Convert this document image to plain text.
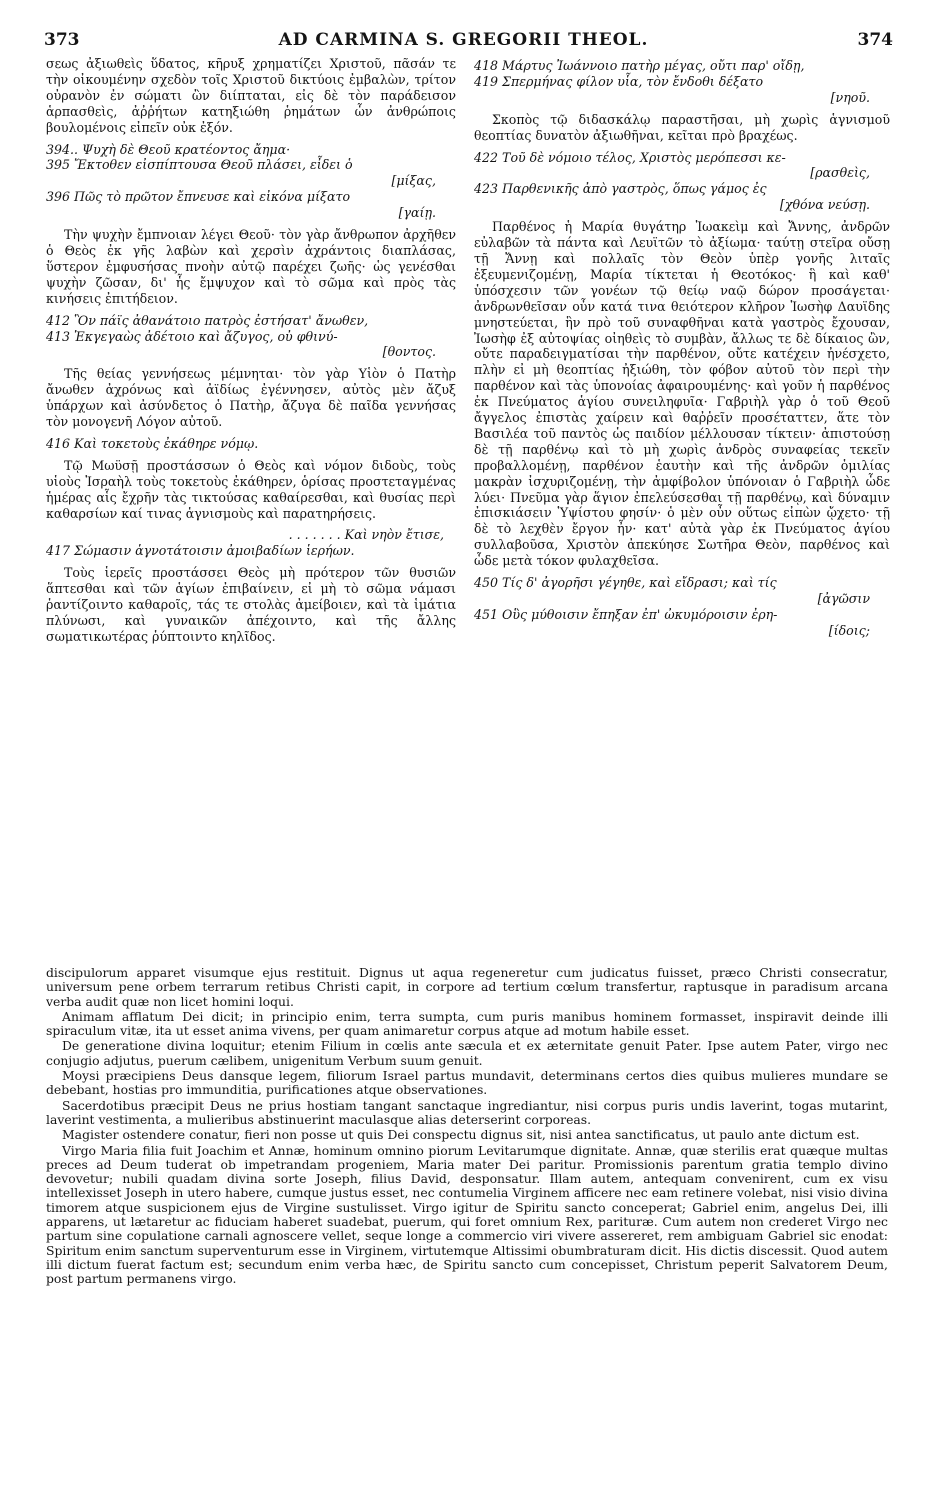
373	AD CARMINA S. GREGORII THEOL.	374

σεως ἀξιωθεὶς ὕδατος, κῆρυξ χρηματίζει Χριστοῦ, πᾶσάν τε τὴν οἰκουμένην σχεδὸν τοῖς Χριστοῦ δικτύοις ἐμβαλὼν, τρίτον οὐρανὸν ἐν σώματι ὢν διίπταται, εἰς δὲ τὸν παράδεισον ἁρπασθεὶς, ἀῤῥήτων κατηξιώθη ῥημάτων ὧν ἀνθρώποις βουλομένοις εἰπεῖν οὐκ ἐξόν.

394.. Ψυχὴ δὲ Θεοῦ κρατέοντος ἄημα·
395 Ἔκτοθεν εἰσπίπτουσα Θεοῦ πλάσει, εἶδει ὁ
[μίξας,
396 Πῶς τὸ πρῶτον ἔπνευσε καὶ εἰκόνα μίξατο
[γαίῃ.

Τὴν ψυχὴν ἔμπνοιαν λέγει Θεοῦ· τὸν γὰρ ἄνθρωπον ἀρχῆθεν ὁ Θεὸς ἐκ γῆς λαβὼν καὶ χερσὶν ἀχράντοις διαπλάσας, ὕστερον ἐμφυσήσας πνοὴν αὐτῷ παρέχει ζωῆς· ὡς γενέσθαι ψυχὴν ζῶσαν, δι' ἧς ἔμψυχον καὶ τὸ σῶμα καὶ πρὸς τὰς κινήσεις ἐπιτήδειον.

412 Ὃν πάϊς ἀθανάτοιο πατρὸς ἐστήσατ' ἄνωθεν,
413 Ἐκγεγαὼς ἀδέτοιο καὶ ἄζυγος, οὐ φθινύ-
[θοντος.

Τῆς θείας γεννήσεως μέμνηται· τὸν γὰρ Υἱὸν ὁ Πατὴρ ἄνωθεν ἀχρόνως καὶ ἀϊδίως ἐγέννησεν, αὐτὸς μὲν ἄζυξ ὑπάρχων καὶ ἀσύνδετος ὁ Πατὴρ, ἄζυγα δὲ παῖδα γεννήσας τὸν μονογενῆ Λόγον αὐτοῦ.

416 Καὶ τοκετοὺς ἐκάθηρε νόμῳ.

Τῷ Μωϋσῇ προστάσσων ὁ Θεὸς καὶ νόμον διδοὺς, τοὺς υἱοὺς Ἰσραὴλ τοὺς τοκετοὺς ἐκάθηρεν, ὁρίσας προστεταγμένας ἡμέρας αἷς ἔχρῆν τὰς τικτούσας καθαίρεσθαι, καὶ θυσίας περὶ καθαρσίων καί τινας ἁγνισμοὺς καὶ παρατηρήσεις.

. . . . . . . Καὶ νηὸν ἔτισε,
417 Σώμασιν ἁγνοτάτοισιν ἀμοιβαδίων ἱερήων.

Τοὺς ἱερεῖς προστάσσει Θεὸς μὴ πρότερον τῶν θυσιῶν ἅπτεσθαι καὶ τῶν ἁγίων ἐπιβαίνειν, εἰ μὴ τὸ σῶμα νάμασι ῥαντίζοιντο καθαροῖς, τάς τε στολὰς ἀμείβοιεν, καὶ τὰ ἱμάτια πλύνωσι, καὶ γυναικῶν ἀπέχοιντο, καὶ τῆς ἄλλης σωματικωτέρας ῥύπτοιντο κηλῖδος.

418 Μάρτυς Ἰωάννοιο πατὴρ μέγας, οὔτι παρ' οἴδῃ,
419 Σπερμήνας φίλον υἷα, τὸν ἔνδοθι δέξατο
[νηοῦ.

Σκοπὸς τῷ διδασκάλῳ παραστῆσαι, μὴ χωρὶς ἁγνισμοῦ θεοπτίας δυνατὸν ἀξιωθῆναι, κεῖται πρὸ βραχέως.

422 Τοῦ δὲ νόμοιο τέλος, Χριστὸς μερόπεσσι κε-
[ρασθεὶς,
423 Παρθενικῆς ἀπὸ γαστρὸς, ὅπως γάμος ἐς
[χθόνα νεύσῃ.

Παρθένος ἡ Μαρία θυγάτηρ Ἰωακεὶμ καὶ Ἄννης, ἀνδρῶν εὐλαβῶν τὰ πάντα καὶ Λευϊτῶν τὸ ἀξίωμα· ταύτῃ στεῖρα οὔσῃ τῇ Ἄννῃ καὶ πολλαῖς τὸν Θεὸν ὑπὲρ γονῆς λιταῖς ἐξευμενιζομένῃ, Μαρία τίκτεται ἡ Θεοτόκος· ἣ καὶ καθ' ὑπόσχεσιν τῶν γονέων τῷ θείῳ ναῷ δώρον προσάγεται· ἀνδρωνθεῖσαν οὖν κατά τινα θειότερον κλῆρον Ἰωσὴφ Δαυϊδης μνηστεύεται, ἣν πρὸ τοῦ συναφθῆναι κατὰ γαστρὸς ἔχουσαν, Ἰωσὴφ ἐξ αὐτοψίας οἰηθεὶς τὸ συμβὰν, ἄλλως τε δὲ δίκαιος ὢν, οὔτε παραδειγματίσαι τὴν παρθένον, οὔτε κατέχειν ἠνέσχετο, πλὴν εἰ μὴ θεοπτίας ἠξιώθη, τὸν φόβον αὐτοῦ τὸν περὶ τὴν παρθένον καὶ τὰς ὑπονοίας ἀφαιρουμένης· καὶ γοῦν ἡ παρθένος ἐκ Πνεύματος ἁγίου συνειληφυῖα· Γαβριὴλ γὰρ ὁ τοῦ Θεοῦ ἄγγελος ἐπιστὰς χαίρειν καὶ θαῤῥεῖν προσέταττεν, ἅτε τὸν Βασιλέα τοῦ παντὸς ὡς παιδίον μέλλουσαν τίκτειν· ἀπιστούσῃ δὲ τῇ παρθένῳ καὶ τὸ μὴ χωρὶς ἀνδρὸς συναφείας τεκεῖν προβαλλομένῃ, παρθένον ἑαυτὴν καὶ τῆς ἀνδρῶν ὁμιλίας μακρὰν ἰσχυριζομένῃ, τὴν ἀμφίβολον ὑπόνοιαν ὁ Γαβριὴλ ὧδε λύει· Πνεῦμα γὰρ ἅγιον ἐπελεύσεσθαι τῇ παρθένῳ, καὶ δύναμιν ἐπισκιάσειν Ὑψίστου φησίν· ὁ μὲν οὖν οὕτως εἰπὼν ᾤχετο· τῇ δὲ τὸ λεχθὲν ἔργον ἦν· κατ' αὐτὰ γὰρ ἐκ Πνεύματος ἁγίου συλλαβοῦσα, Χριστὸν ἀπεκύησε Σωτῆρα Θεὸν, παρθένος καὶ ὧδε μετὰ τόκον φυλαχθεῖσα.

450 Τίς δ' ἀγορῆσι γέγηθε, καὶ εἴδρασι; καὶ τίς
[ἀγῶσιν
451 Οὓς μύθοισιν ἔπηξαν ἐπ' ὠκυμόροισιν ἐρη-
[ίδοις;

discipulorum apparet visumque ejus restituit. Dignus ut aqua regeneretur cum judicatus fuisset, præco Christi consecratur, universum pene orbem terrarum retibus Christi capit, in corpore ad tertium cœlum transfertur, raptusque in paradisum arcana verba audit quæ non licet homini loqui.

Animam afflatum Dei dicit; in principio enim, terra sumpta, cum puris manibus hominem formasset, inspiravit deinde illi spiraculum vitæ, ita ut esset anima vivens, per quam animaretur corpus atque ad motum habile esset.

De generatione divina loquitur; etenim Filium in cœlis ante sæcula et ex æternitate genuit Pater. Ipse autem Pater, virgo nec conjugio adjutus, puerum cælibem, unigenitum Verbum suum genuit.

Moysi præcipiens Deus dansque legem, filiorum Israel partus mundavit, determinans certos dies quibus mulieres mundare se debebant, hostias pro immunditia, purificationes atque observationes.

Sacerdotibus præcipit Deus ne prius hostiam tangant sanctaque ingrediantur, nisi corpus puris undis laverint, togas mutarint, laverint vestimenta, a mulieribus abstinuerint maculasque alias deterserint corporeas.

Magister ostendere conatur, fieri non posse ut quis Dei conspectu dignus sit, nisi antea sanctificatus, ut paulo ante dictum est.

Virgo Maria filia fuit Joachim et Annæ, hominum omnino piorum Levitarumque dignitate. Annæ, quæ sterilis erat quæque multas preces ad Deum tuderat ob impetrandam progeniem, Maria mater Dei paritur. Promissionis parentum gratia templo divino devovetur; nubili quadam divina sorte Joseph, filius David, desponsatur. Illam autem, antequam convenirent, cum ex visu intellexisset Joseph in utero habere, cumque justus esset, nec contumelia Virginem afficere nec eam retinere volebat, nisi visio divina timorem atque suspicionem ejus de Virgine sustulisset. Virgo igitur de Spiritu sancto conceperat; Gabriel enim, angelus Dei, illi apparens, ut lætaretur ac fiduciam haberet suadebat, puerum, qui foret omnium Rex, parituræ. Cum autem non crederet Virgo nec partum sine copulatione carnali agnoscere vellet, seque longe a commercio viri vivere assereret, rem ambiguam Gabriel sic enodat: Spiritum enim sanctum superventurum esse in Virginem, virtutemque Altissimi obumbraturam dicit. His dictis discessit. Quod autem illi dictum fuerat factum est; secundum enim verba hæc, de Spiritu sancto cum concepisset, Christum peperit Salvatorem Deum, post partum permanens virgo.
